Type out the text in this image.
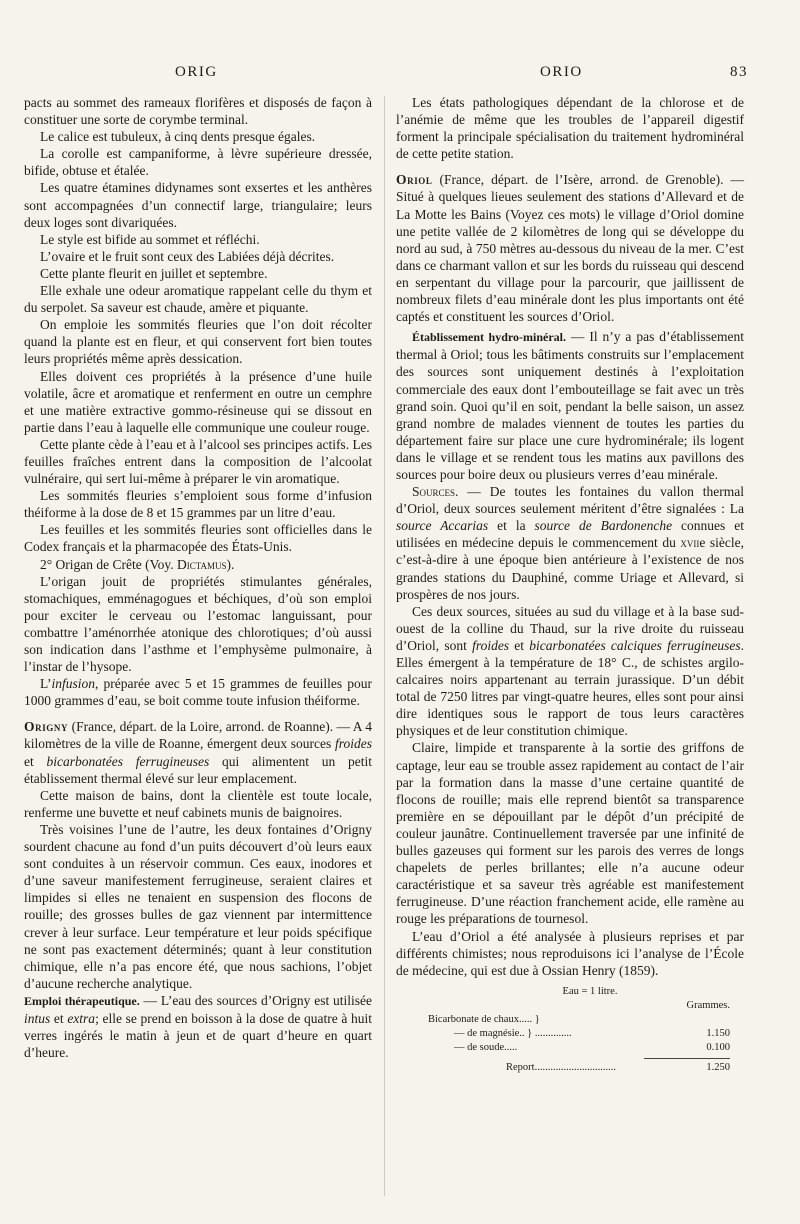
ORIG	ORIO	83

pacts au sommet des rameaux florifères et disposés de façon à constituer une sorte de corymbe terminal.

Le calice est tubuleux, à cinq dents presque égales.

La corolle est campaniforme, à lèvre supérieure dressée, bifide, obtuse et étalée.

Les quatre étamines didynames sont exsertes et les anthères sont accompagnées d’un connectif large, triangulaire; leurs deux loges sont divariquées.

Le style est bifide au sommet et réfléchi.

L’ovaire et le fruit sont ceux des Labiées déjà décrites.

Cette plante fleurit en juillet et septembre.

Elle exhale une odeur aromatique rappelant celle du thym et du serpolet. Sa saveur est chaude, amère et piquante.

On emploie les sommités fleuries que l’on doit récolter quand la plante est en fleur, et qui conservent fort bien toutes leurs propriétés même après dessication.

Elles doivent ces propriétés à la présence d’une huile volatile, âcre et aromatique et renferment en outre un cemphre et une matière extractive gommo-résineuse qui se dissout en partie dans l’eau à laquelle elle communique une couleur rouge.

Cette plante cède à l’eau et à l’alcool ses principes actifs. Les feuilles fraîches entrent dans la composition de l’alcoolat vulnéraire, qui sert lui-même à préparer le vin aromatique.

Les sommités fleuries s’emploient sous forme d’infusion théiforme à la dose de 8 et 15 grammes par un litre d’eau.

Les feuilles et les sommités fleuries sont officielles dans le Codex français et la pharmacopée des États-Unis.

2° Origan de Crête (Voy. Dictamus).

L’origan jouit de propriétés stimulantes générales, stomachiques, emménagogues et béchiques, d’où son emploi pour exciter le cerveau ou l’estomac languissant, pour combattre l’aménorrhée atonique des chlorotiques; d’où aussi son indication dans l’asthme et l’emphysème pulmonaire, à l’instar de l’hysope.

L’infusion, préparée avec 5 et 15 grammes de feuilles pour 1000 grammes d’eau, se boit comme toute infusion théiforme.

Origny (France, départ. de la Loire, arrond. de Roanne). — A 4 kilomètres de la ville de Roanne, émergent deux sources froides et bicarbonatées ferrugineuses qui alimentent un petit établissement thermal élevé sur leur emplacement.

Cette maison de bains, dont la clientèle est toute locale, renferme une buvette et neuf cabinets munis de baignoires.

Très voisines l’une de l’autre, les deux fontaines d’Origny sourdent chacune au fond d’un puits découvert d’où leurs eaux sont conduites à un réservoir commun. Ces eaux, inodores et d’une saveur manifestement ferrugineuse, seraient claires et limpides si elles ne tenaient en suspension des flocons de rouille; des grosses bulles de gaz viennent par intermittence crever à leur surface. Leur température et leur poids spécifique ne sont pas exactement déterminés; quant à leur constitution chimique, elle n’a pas encore été, que nous sachions, l’objet d’aucune recherche analytique.

Emploi thérapeutique. — L’eau des sources d’Origny est utilisée intus et extra; elle se prend en boisson à la dose de quatre à huit verres ingérés le matin à jeun et de quart d’heure en quart d’heure.

Les états pathologiques dépendant de la chlorose et de l’anémie de même que les troubles de l’appareil digestif forment la principale spécialisation du traitement hydrominéral de cette petite station.

Oriol (France, départ. de l’Isère, arrond. de Grenoble). — Situé à quelques lieues seulement des stations d’Allevard et de La Motte les Bains (Voyez ces mots) le village d’Oriol domine une petite vallée de 2 kilomètres de long qui se développe du nord au sud, à 750 mètres au-dessous du niveau de la mer. C’est dans ce charmant vallon et sur les bords du ruisseau qui descend en serpentant du village pour la parcourir, que jaillissent de nombreux filets d’eau minérale dont les plus importants ont été captés et constituent les sources d’Oriol.

Établissement hydro-minéral. — Il n’y a pas d’établissement thermal à Oriol; tous les bâtiments construits sur l’emplacement des sources sont uniquement destinés à l’exploitation commerciale des eaux dont l’embouteillage se fait avec un très grand soin. Quoi qu’il en soit, pendant la belle saison, un assez grand nombre de malades viennent de toutes les parties du département faire sur place une cure hydrominérale; ils logent dans le village et se rendent tous les matins aux pavillons des sources pour boire deux ou plusieurs verres d’eau minérale.

Sources. — De toutes les fontaines du vallon thermal d’Oriol, deux sources seulement méritent d’être signalées : La source Accarias et la source de Bardonenche connues et utilisées en médecine depuis le commencement du xviie siècle, c’est-à-dire à une époque bien antérieure à l’existence de nos grandes stations du Dauphiné, comme Uriage et Allevard, si prospères de nos jours.

Ces deux sources, situées au sud du village et à la base sud-ouest de la colline du Thaud, sur la rive droite du ruisseau d’Oriol, sont froides et bicarbonatées calciques ferrugineuses. Elles émergent à la température de 18° C., de schistes argilo-calcaires noirs appartenant au terrain jurassique. D’un débit total de 7250 litres par vingt-quatre heures, elles sont pour ainsi dire identiques sous le rapport de tous leurs caractères physiques et de leur constitution chimique.

Claire, limpide et transparente à la sortie des griffons de captage, leur eau se trouble assez rapidement au contact de l’air par la formation dans la masse d’une certaine quantité de flocons de rouille; mais elle reprend bientôt sa transparence première en se dépouillant par le dépôt d’un précipité de couleur jaunâtre. Continuellement traversée par une infinité de bulles gazeuses qui forment sur les parois des verres de longs chapelets de perles brillantes; elle n’a aucune odeur caractéristique et sa saveur très agréable est manifestement ferrugineuse. D’une réaction franchement acide, elle ramène au rouge les préparations de tournesol.

L’eau d’Oriol a été analysée à plusieurs reprises et par différents chimistes; nous reproduisons ici l’analyse de l’École de médecine, qui est due à Ossian Henry (1859).

Eau = 1 litre.
Grammes.
Bicarbonate de chaux..... }
— de magnésie.. } ..............	1.150
— de soude.....	0.100
Report...............................	1.250
